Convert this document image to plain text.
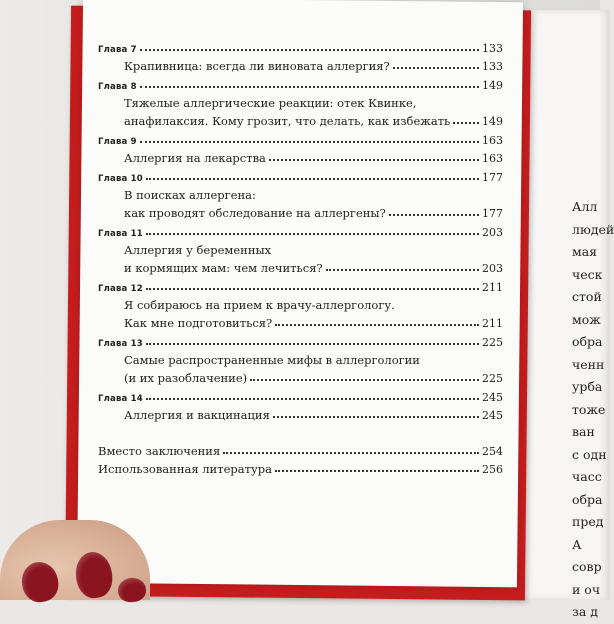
Глава 7	133
Крапивница: всегда ли виновата аллергия?	133
Глава 8	149
Тяжелые аллергические реакции: отек Квинке,
анафилаксия. Кому грозит, что делать, как избежать	149
Глава 9	163
Аллергия на лекарства	163
Глава 10	177
В поисках аллергена:
как проводят обследование на аллергены?	177
Глава 11	203
Аллергия у беременных
и кормящих мам: чем лечиться?	203
Глава 12	211
Я собираюсь на прием к врачу-аллергологу.
Как мне подготовиться?	211
Глава 13	225
Самые распространенные мифы в аллергологии
(и их разоблачение)	225
Глава 14	245
Аллергия и вакцинация	245
Вместо заключения	254
Использованная литература	256
Алл
людей
мая
ческ
стой
мож
обра
ченн
урба
тоже
ван
с одн
часс
обра
пред
А
совр
и оч
за д
